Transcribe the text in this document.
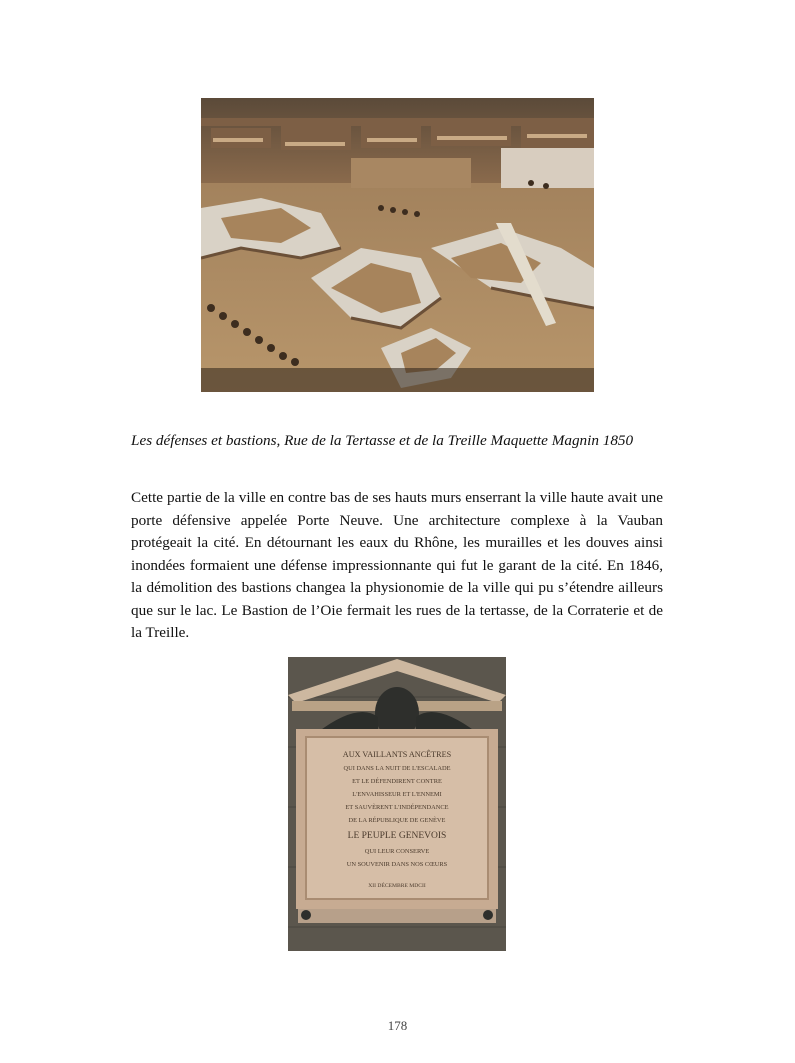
Les défenses et bastions, Rue de la Tertasse et de la Treille Maquette Magnin 1850

Cette partie de la ville en contre bas de ses hauts murs enserrant la ville haute avait une porte défensive appelée Porte Neuve. Une architecture complexe à la Vauban protégeait la cité. En détournant les eaux du Rhône, les murailles et les douves ainsi inondées formaient une défense impressionnante qui fut le garant de la cité. En 1846, la démolition des bastions changea la physionomie de la ville qui pu s’étendre ailleurs que sur le lac. Le Bastion de l’Oie fermait les rues de la tertasse, de la Corraterie et de la Treille.

AUX VAILLANTS ANCÊTRES
QUI DANS LA NUIT DE L'ESCALADE
ET LE DÉFENDIRENT CONTRE
L'ENVAHISSEUR ET L'ENNEMI
ET SAUVÈRENT L'INDÉPENDANCE
DE LA RÉPUBLIQUE DE GENÈVE
LE PEUPLE GENEVOIS
QUI LEUR CONSERVE
UN SOUVENIR DANS NOS CŒURS
XII DÉCEMBRE MDCII
178
